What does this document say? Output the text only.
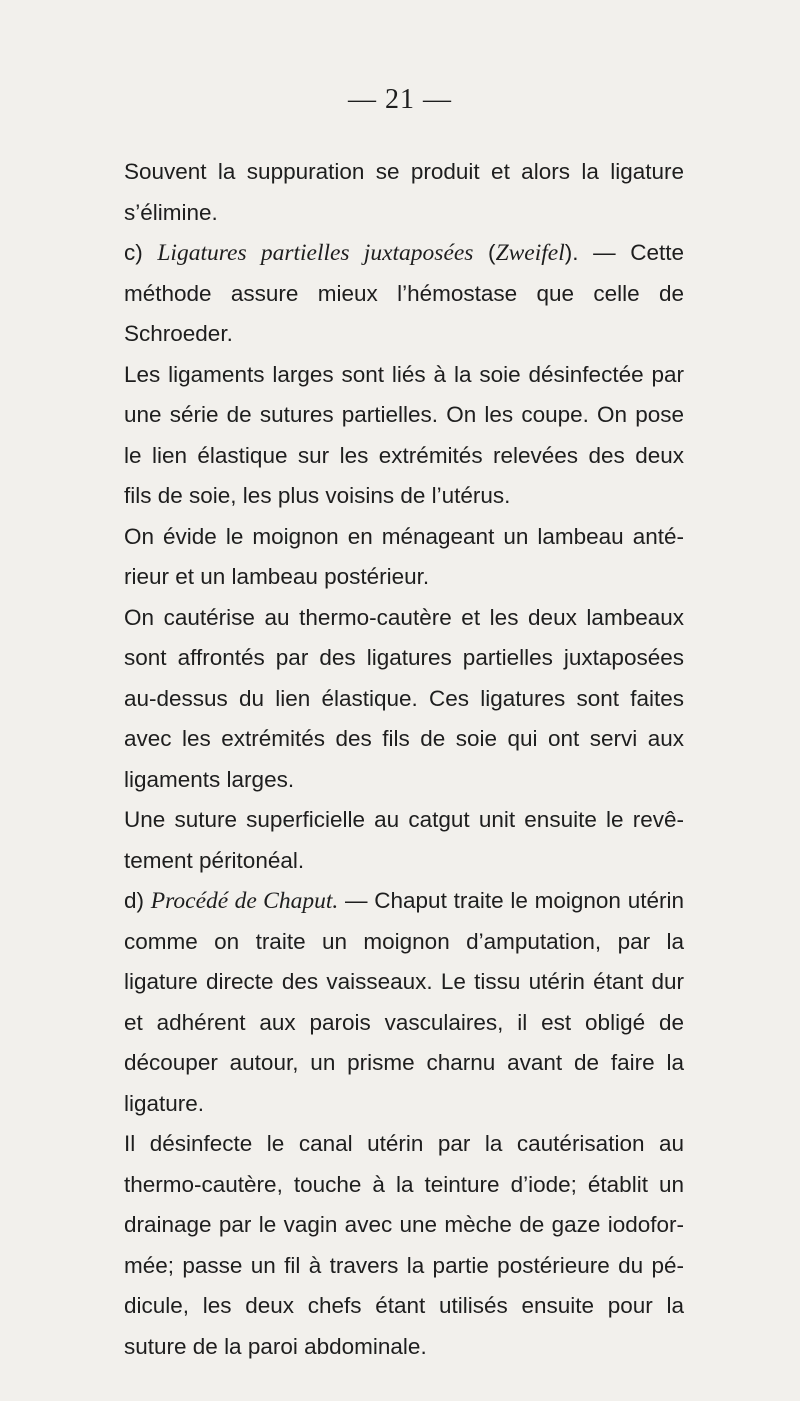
— 21 —

Souvent la suppuration se produit et alors la ligature s’élimine.

c) Ligatures partielles juxtaposées (Zweifel). — Cette méthode assure mieux l’hémostase que celle de Schroeder.

Les ligaments larges sont liés à la soie désinfectée par une série de sutures partielles. On les coupe. On pose le lien élastique sur les extrémités relevées des deux fils de soie, les plus voisins de l’utérus.

On évide le moignon en ménageant un lambeau anté-rieur et un lambeau postérieur.

On cautérise au thermo-cautère et les deux lambeaux sont affrontés par des ligatures partielles juxtaposées au-dessus du lien élastique. Ces ligatures sont faites avec les extrémités des fils de soie qui ont servi aux ligaments larges.

Une suture superficielle au catgut unit ensuite le revê-tement péritonéal.

d) Procédé de Chaput. — Chaput traite le moignon utérin comme on traite un moignon d’amputation, par la ligature directe des vaisseaux. Le tissu utérin étant dur et adhérent aux parois vasculaires, il est obligé de découper autour, un prisme charnu avant de faire la ligature.

Il désinfecte le canal utérin par la cautérisation au thermo-cautère, touche à la teinture d’iode; établit un drainage par le vagin avec une mèche de gaze iodofor-mée; passe un fil à travers la partie postérieure du pé-dicule, les deux chefs étant utilisés ensuite pour la suture de la paroi abdominale.
